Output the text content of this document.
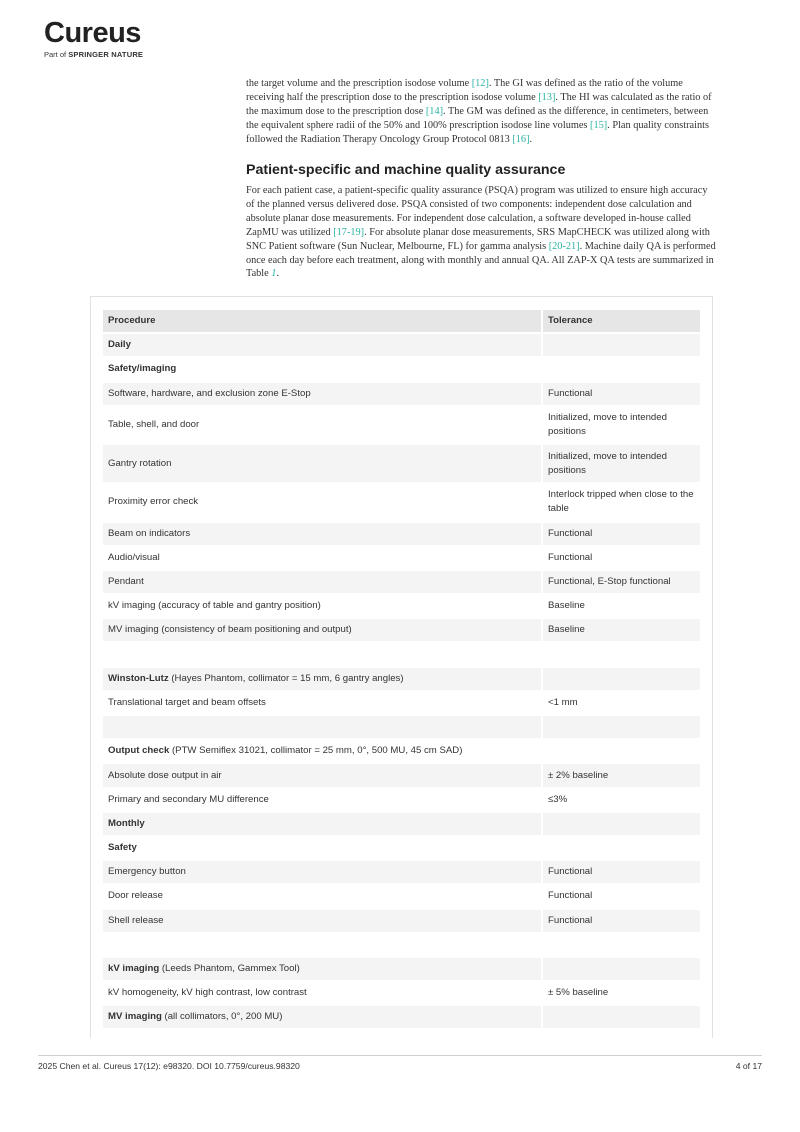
Cureus
Part of SPRINGER NATURE

the target volume and the prescription isodose volume [12]. The GI was defined as the ratio of the volume receiving half the prescription dose to the prescription isodose volume [13]. The HI was calculated as the ratio of the maximum dose to the prescription dose [14]. The GM was defined as the difference, in centimeters, between the equivalent sphere radii of the 50% and 100% prescription isodose line volumes [15]. Plan quality constraints followed the Radiation Therapy Oncology Group Protocol 0813 [16].

Patient-specific and machine quality assurance

For each patient case, a patient-specific quality assurance (PSQA) program was utilized to ensure high accuracy of the planned versus delivered dose. PSQA consisted of two components: independent dose calculation and absolute planar dose measurements. For independent dose calculation, a software developed in-house called ZapMU was utilized [17-19]. For absolute planar dose measurements, SRS MapCHECK was utilized along with SNC Patient software (Sun Nuclear, Melbourne, FL) for gamma analysis [20-21]. Machine daily QA is performed once each day before each treatment, along with monthly and annual QA. All ZAP-X QA tests are summarized in Table 1.

Procedure	Tolerance
Daily	
Safety/imaging	
Software, hardware, and exclusion zone E-Stop	Functional
Table, shell, and door	Initialized, move to intended positions
Gantry rotation	Initialized, move to intended positions
Proximity error check	Interlock tripped when close to the table
Beam on indicators	Functional
Audio/visual	Functional
Pendant	Functional, E-Stop functional
kV imaging (accuracy of table and gantry position)	Baseline
MV imaging (consistency of beam positioning and output)	Baseline

Winston-Lutz (Hayes Phantom, collimator = 15 mm, 6 gantry angles)	
Translational target and beam offsets	<1 mm

Output check (PTW Semiflex 31021, collimator = 25 mm, 0°, 500 MU, 45 cm SAD)	
Absolute dose output in air	± 2% baseline
Primary and secondary MU difference	≤3%
Monthly	
Safety	
Emergency button	Functional
Door release	Functional
Shell release	Functional

kV imaging (Leeds Phantom, Gammex Tool)	
kV homogeneity, kV high contrast, low contrast	± 5% baseline
MV imaging (all collimators, 0°, 200 MU)	
2025 Chen et al. Cureus 17(12): e98320. DOI 10.7759/cureus.98320	4 of 17
